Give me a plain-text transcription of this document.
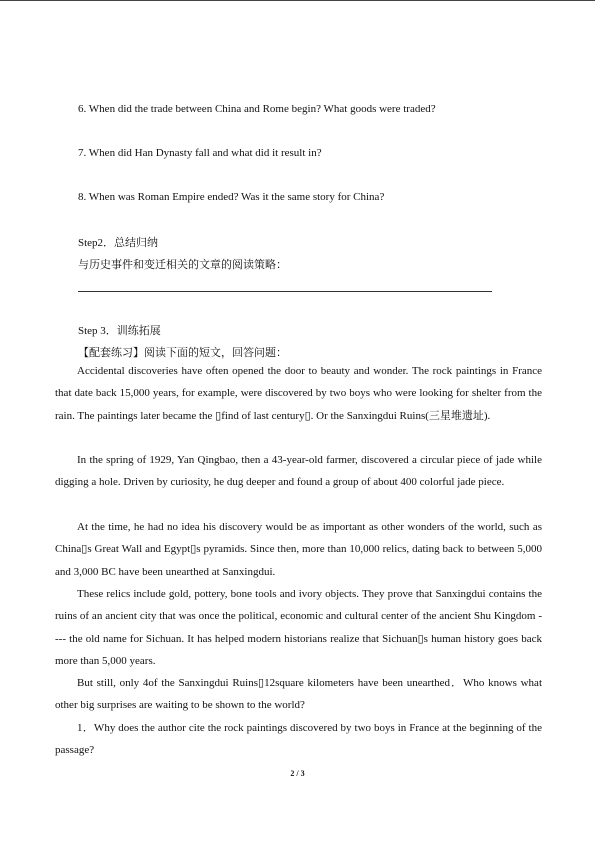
6. When did the trade between China and Rome begin? What goods were traded?
7. When did Han Dynasty fall and what did it result in?
8. When was Roman Empire ended? Was it the same story for China?
Step2．总结归纳
与历史事件和变迁相关的文章的阅读策略：
Step 3．训练拓展
【配套练习】阅读下面的短文，回答问题：

Accidental discoveries have often opened the door to beauty and wonder. The rock paintings in France that date back 15,000 years, for example, were discovered by two boys who were looking for shelter from the rain. The paintings later became the ▯find of last century▯. Or the Sanxingdui Ruins(三星堆遗址).

In the spring of 1929, Yan Qingbao, then a 43-year-old farmer, discovered a circular piece of jade while digging a hole. Driven by curiosity, he dug deeper and found a group of about 400 colorful jade piece.

At the time, he had no idea his discovery would be as important as other wonders of the world, such as China▯s Great Wall and Egypt▯s pyramids. Since then, more than 10,000 relics, dating back to between 5,000 and 3,000 BC have been unearthed at Sanxingdui.

These relics include gold, pottery, bone tools and ivory objects. They prove that Sanxingdui contains the ruins of an ancient city that was once the political, economic and cultural center of the ancient Shu Kingdom ---- the old name for Sichuan. It has helped modern historians realize that Sichuan▯s human history goes back more than 5,000 years.

But still, only 4of the Sanxingdui Ruins▯12square kilometers have been unearthed．Who knows what other big surprises are waiting to be shown to the world?

1．Why does the author cite the rock paintings discovered by two boys in France at the beginning of the passage?

2 / 3
